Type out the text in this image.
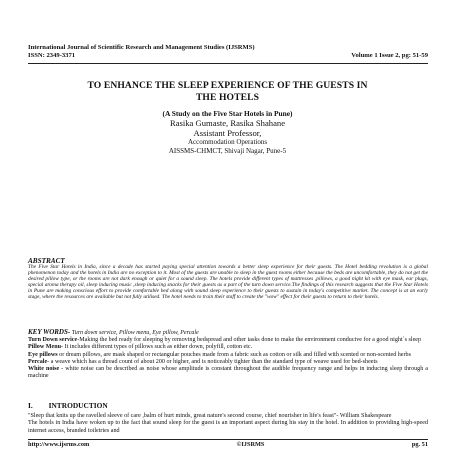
International Journal of Scientific Research and Management Studies (IJSRMS)
ISSN: 2349-3371	Volume 1 Issue 2, pg: 51-59
TO ENHANCE THE SLEEP EXPERIENCE OF THE GUESTS IN
THE HOTELS
(A Study on the Five Star Hotels in Pune)
Rasika Gumaste, Rasika Shahane
Assistant Professor,
Accommodation Operations
AISSMS-CHMCT, Shivaji Nagar, Pune-5
ABSTRACT
The Five Star Hotels in India, since a decade has started paying special attention towards a better sleep experience for their guests. The Hotel bedding revolution is a global phenomenon today and the hotels in India are no exception to it. Most of the guests are unable to sleep in the guest rooms either because the beds are uncomfortable, they do not get the desired pillow type, or the rooms are not dark enough or quiet for a sound sleep. The hotels provide different types of mattresses ,pillows, a good night kit with eye mask, ear plugs, special aroma therapy oil, sleep inducing music ,sleep inducing snacks for their guests as a part of the turn down service.The findings of this research suggests that the Five Star Hotels in Pune are making conscious effort to provide comfortable bed along with sound sleep experience to their guests to sustain in today's competitive market. The concept is at an early stage, where the resources are available but not fully utilised. The hotel needs to train their staff to create the "wow" effect for their guests to return to their hotels.
KEY WORDS- Turn down service, Pillow menu, Eye pillow, Percale

Turn Down service-Making the bed ready for sleeping by removing bedspread and other tasks done to make the environment conducive for a good night`s sleep

Pillow Menu- It includes different types of pillows such as either down, polyfill, cotton etc.

Eye pillows or dream pillows, are mask shaped or rectangular pouches made from a fabric such as cotton or silk and filled with scented or non-scented herbs

Percale- a weave which has a thread count of about 200 or higher, and is noticeably tighter than the standard type of weave used for bed-sheets

White noise - white noise can be described as noise whose amplitude is constant throughout the audible frequency range and helps in inducing sleep through a machine

I. INTRODUCTION

"Sleep that knits up the ravelled sleeve of care ,balm of hurt minds, great nature's second course, chief nourisher in life's feast"- William Shakespeare

The hotels in India have woken up to the fact that sound sleep for the guest is an important aspect during his stay in the hotel. In addition to providing high-speed internet access, branded toiletries and

http://www.ijsrms.com	©IJSRMS	pg. 51
